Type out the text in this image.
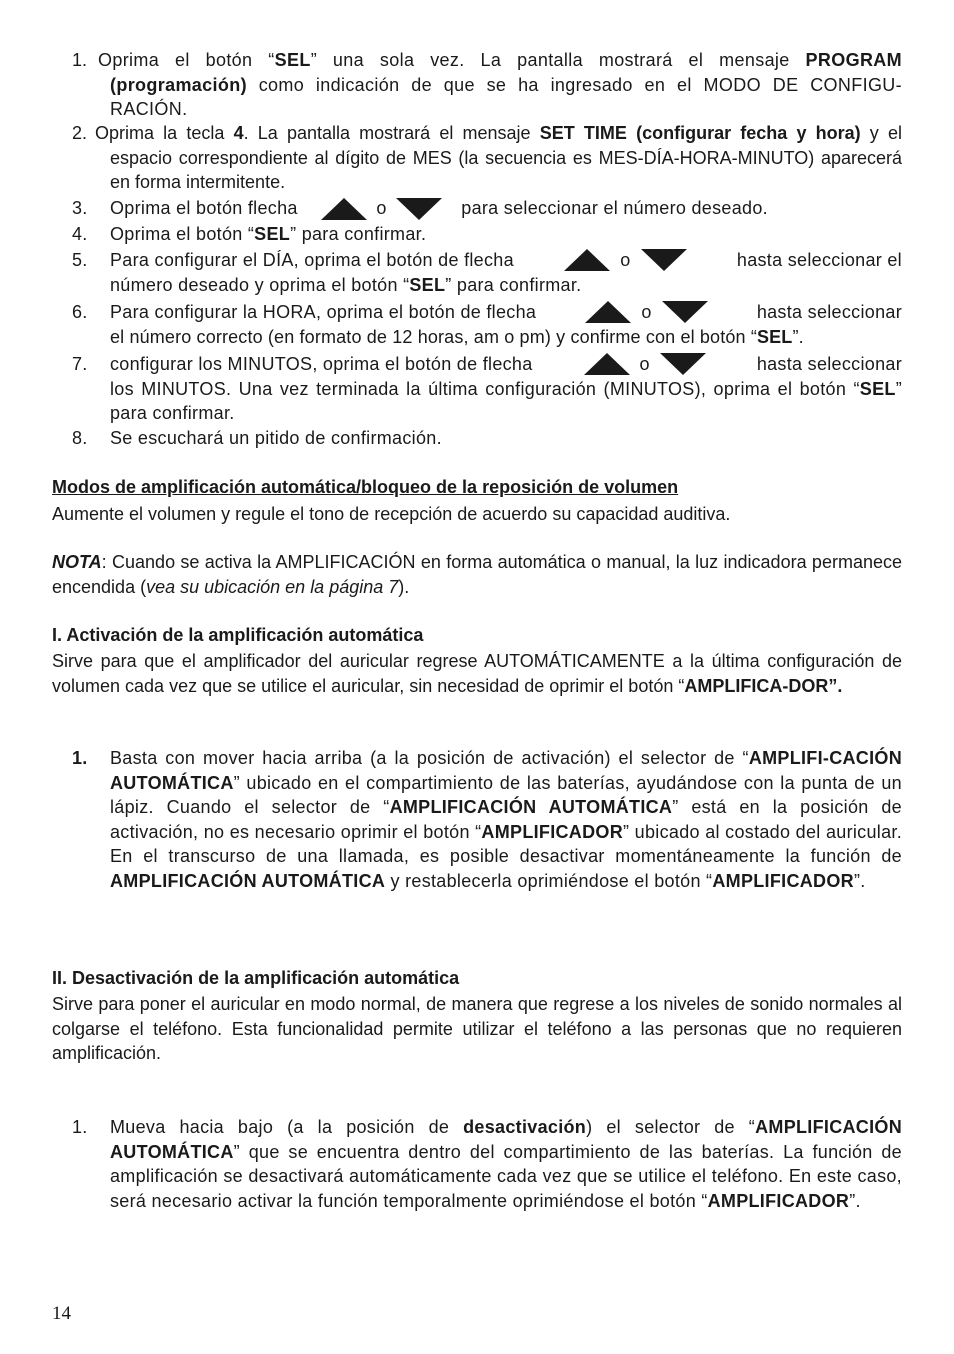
1. Oprima el botón “SEL” una sola vez. La pantalla mostrará el mensaje PROGRAM (programación) como indicación de que se ha ingresado en el MODO DE CONFIGU-RACIÓN.
2. Oprima la tecla 4. La pantalla mostrará el mensaje SET TIME (configurar fecha y hora) y el espacio correspondiente al dígito de MES (la secuencia es MES-DÍA-HORA-MINUTO) aparecerá en forma intermitente.
3. Oprima el botón flecha	o	para seleccionar el número deseado.
4. Oprima el botón “SEL” para confirmar.
5. Para configurar el DÍA, oprima el botón de flecha	o	hasta seleccionar el
número deseado y oprima el botón “SEL” para confirmar.
6. Para configurar la HORA, oprima el botón de flecha	o	hasta seleccionar
el número correcto (en formato de 12 horas, am o pm) y confirme con el botón “SEL”.
7. configurar los MINUTOS, oprima el botón de flecha	o	hasta seleccionar
los MINUTOS. Una vez terminada la última configuración (MINUTOS), oprima el botón “SEL” para confirmar.
8. Se escuchará un pitido de confirmación.
Modos de amplificación automática/bloqueo de la reposición de volumen
Aumente el volumen y regule el tono de recepción de acuerdo su capacidad auditiva.
NOTA: Cuando se activa la AMPLIFICACIÓN en forma automática o manual, la luz indicadora permanece encendida (vea su ubicación en la página 7).
I. Activación de la amplificación automática
Sirve para que el amplificador del auricular regrese AUTOMÁTICAMENTE a la última configuración de volumen cada vez que se utilice el auricular, sin necesidad de oprimir el botón “AMPLIFICA-DOR”.
1. Basta con mover hacia arriba (a la posición de activación) el selector de “AMPLIFI-CACIÓN AUTOMÁTICA” ubicado en el compartimiento de las baterías, ayudándose con la punta de un lápiz. Cuando el selector de “AMPLIFICACIÓN AUTOMÁTICA” está en la posición de activación, no es necesario oprimir el botón “AMPLIFICADOR” ubicado al costado del auricular. En el transcurso de una llamada, es posible desactivar momentáneamente la función de AMPLIFICACIÓN AUTOMÁTICA y restablecerla oprimiéndose el botón “AMPLIFICADOR”.
II. Desactivación de la amplificación automática
Sirve para poner el auricular en modo normal, de manera que regrese a los niveles de sonido normales al colgarse el teléfono. Esta funcionalidad permite utilizar el teléfono a las personas que no requieren amplificación.
1. Mueva hacia bajo (a la posición de desactivación) el selector de “AMPLIFICACIÓN AUTOMÁTICA” que se encuentra dentro del compartimiento de las baterías. La función de amplificación se desactivará automáticamente cada vez que se utilice el teléfono. En este caso, será necesario activar la función temporalmente oprimiéndose el botón “AMPLIFICADOR”.
14
